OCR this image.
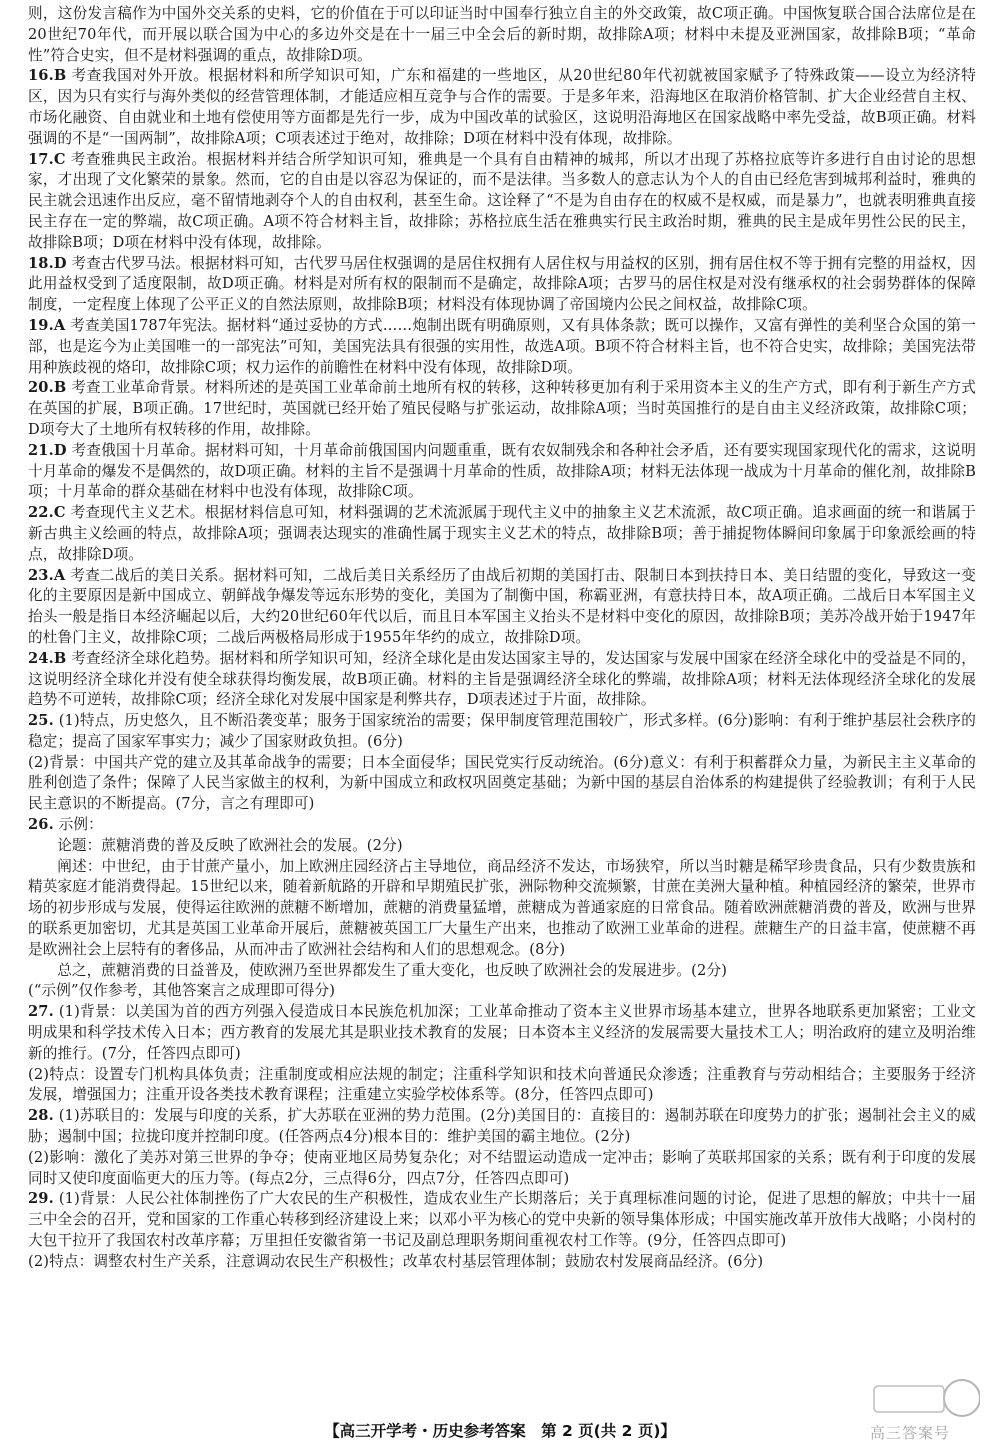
则，这份发言稿作为中国外交关系的史料，它的价值在于可以印证当时中国奉行独立自主的外交政策，故C项正确。中国恢复联合国合法席位是在20世纪70年代，而开展以联合国为中心的多边外交是在十一届三中全会后的新时期，故排除A项；材料中未提及亚洲国家，故排除B项；“革命性”符合史实，但不是材料强调的重点，故排除D项。

16.B 考查我国对外开放。根据材料和所学知识可知，广东和福建的一些地区，从20世纪80年代初就被国家赋予了特殊政策——设立为经济特区，因为只有实行与海外类似的经营管理体制，才能适应相互竞争与合作的需要。于是多年来，沿海地区在取消价格管制、扩大企业经营自主权、市场化融资、自由就业和土地有偿使用等方面都是先行一步，成为中国改革的试验区，这说明沿海地区在国家战略中率先受益，故B项正确。材料强调的不是“一国两制”，故排除A项；C项表述过于绝对，故排除；D项在材料中没有体现，故排除。

17.C 考查雅典民主政治。根据材料并结合所学知识可知，雅典是一个具有自由精神的城邦，所以才出现了苏格拉底等许多进行自由讨论的思想家，才出现了文化繁荣的景象。然而，它的自由是以容忍为保证的，而不是法律。当多数人的意志认为个人的自由已经危害到城邦利益时，雅典的民主就会迅速作出反应，毫不留情地剥夺个人的自由权利，甚至生命。这诠释了“不是为自由存在的权威不是权威，而是暴力”，也就表明雅典直接民主存在一定的弊端，故C项正确。A项不符合材料主旨，故排除；苏格拉底生活在雅典实行民主政治时期，雅典的民主是成年男性公民的民主，故排除B项；D项在材料中没有体现，故排除。

18.D 考查古代罗马法。根据材料可知，古代罗马居住权强调的是居住权拥有人居住权与用益权的区别，拥有居住权不等于拥有完整的用益权，因此用益权受到了适度限制，故D项正确。材料是对所有权的限制而不是确定，故排除A项；古罗马的居住权是对没有继承权的社会弱势群体的保障制度，一定程度上体现了公平正义的自然法原则，故排除B项；材料没有体现协调了帝国境内公民之间权益，故排除C项。

19.A 考查美国1787年宪法。据材料“通过妥协的方式……炮制出既有明确原则，又有具体条款；既可以操作，又富有弹性的美利坚合众国的第一部，也是迄今为止美国唯一的一部宪法”可知，美国宪法具有很强的实用性，故选A项。B项不符合材料主旨，也不符合史实，故排除；美国宪法带用种族歧视的烙印，故排除C项；权力运作的前瞻性在材料中没有体现，故排除D项。

20.B 考查工业革命背景。材料所述的是英国工业革命前土地所有权的转移，这种转移更加有利于采用资本主义的生产方式，即有利于新生产方式在英国的扩展，B项正确。17世纪时，英国就已经开始了殖民侵略与扩张运动，故排除A项；当时英国推行的是自由主义经济政策，故排除C项；D项夸大了土地所有权转移的作用，故排除。

21.D 考查俄国十月革命。据材料可知，十月革命前俄国国内问题重重，既有农奴制残余和各种社会矛盾，还有要实现国家现代化的需求，这说明十月革命的爆发不是偶然的，故D项正确。材料的主旨不是强调十月革命的性质，故排除A项；材料无法体现一战成为十月革命的催化剂，故排除B项；十月革命的群众基础在材料中也没有体现，故排除C项。

22.C 考查现代主义艺术。根据材料信息可知，材料强调的艺术流派属于现代主义中的抽象主义艺术流派，故C项正确。追求画面的统一和谐属于新古典主义绘画的特点，故排除A项；强调表达现实的准确性属于现实主义艺术的特点，故排除B项；善于捕捉物体瞬间印象属于印象派绘画的特点，故排除D项。

23.A 考查二战后的美日关系。据材料可知，二战后美日关系经历了由战后初期的美国打击、限制日本到扶持日本、美日结盟的变化，导致这一变化的主要原因是新中国成立、朝鲜战争爆发等远东形势的变化，美国为了制衡中国，称霸亚洲，有意扶持日本，故A项正确。二战后日本军国主义抬头一般是指日本经济崛起以后，大约20世纪60年代以后，而且日本军国主义抬头不是材料中变化的原因，故排除B项；美苏冷战开始于1947年的杜鲁门主义，故排除C项；二战后两极格局形成于1955年华约的成立，故排除D项。

24.B 考查经济全球化趋势。据材料和所学知识可知，经济全球化是由发达国家主导的，发达国家与发展中国家在经济全球化中的受益是不同的，这说明经济全球化并没有使全球获得均衡发展，故B项正确。材料的主旨是强调经济全球化的弊端，故排除A项；材料无法体现经济全球化的发展趋势不可逆转，故排除C项；经济全球化对发展中国家是利弊共存，D项表述过于片面，故排除。

25. (1)特点，历史悠久，且不断沿袭变革；服务于国家统治的需要；保甲制度管理范围较广，形式多样。(6分)影响：有利于维护基层社会秩序的稳定；提高了国家军事实力；减少了国家财政负担。(6分)

(2)背景：中国共产党的建立及其革命战争的需要；日本全面侵华；国民党实行反动统治。(6分)意义：有利于积蓄群众力量，为新民主主义革命的胜利创造了条件；保障了人民当家做主的权利，为新中国成立和政权巩固奠定基础；为新中国的基层自治体系的构建提供了经验教训；有利于人民民主意识的不断提高。(7分，言之有理即可)

26. 示例：

论题：蔗糖消费的普及反映了欧洲社会的发展。(2分)

阐述：中世纪，由于甘蔗产量小，加上欧洲庄园经济占主导地位，商品经济不发达，市场狭窄，所以当时糖是稀罕珍贵食品，只有少数贵族和精英家庭才能消费得起。15世纪以来，随着新航路的开辟和早期殖民扩张，洲际物种交流频繁，甘蔗在美洲大量种植。种植园经济的繁荣，世界市场的初步形成与发展，使得运往欧洲的蔗糖不断增加，蔗糖的消费量猛增，蔗糖成为普通家庭的日常食品。随着欧洲蔗糖消费的普及，欧洲与世界的联系更加密切，尤其是英国工业革命开展后，蔗糖被英国工厂大量生产出来，也推动了欧洲工业革命的进程。蔗糖生产的日益丰富，使蔗糖不再是欧洲社会上层特有的奢侈品，从而冲击了欧洲社会结构和人们的思想观念。(8分)

总之，蔗糖消费的日益普及，使欧洲乃至世界都发生了重大变化，也反映了欧洲社会的发展进步。(2分)

(“示例”仅作参考，其他答案言之成理即可得分)

27. (1)背景：以美国为首的西方列强入侵造成日本民族危机加深；工业革命推动了资本主义世界市场基本建立，世界各地联系更加紧密；工业文明成果和科学技术传入日本；西方教育的发展尤其是职业技术教育的发展；日本资本主义经济的发展需要大量技术工人；明治政府的建立及明治维新的推行。(7分，任答四点即可)

(2)特点：设置专门机构具体负责；注重制度或相应法规的制定；注重科学知识和技术向普通民众渗透；注重教育与劳动相结合；主要服务于经济发展，增强国力；注重开设各类技术教育课程；注重建立实验学校体系等。(8分，任答四点即可)

28. (1)苏联目的：发展与印度的关系，扩大苏联在亚洲的势力范围。(2分)美国目的：直接目的：遏制苏联在印度势力的扩张；遏制社会主义的威胁；遏制中国；拉拢印度并控制印度。(任答两点4分)根本目的：维护美国的霸主地位。(2分)

(2)影响：激化了美苏对第三世界的争夺；使南亚地区局势复杂化；对不结盟运动造成一定冲击；影响了英联邦国家的关系；既有利于印度的发展同时又使印度面临更大的压力等。(每点2分，三点得6分，四点7分，任答四点即可)

29. (1)背景：人民公社体制挫伤了广大农民的生产积极性，造成农业生产长期落后；关于真理标准问题的讨论，促进了思想的解放；中共十一届三中全会的召开，党和国家的工作重心转移到经济建设上来；以邓小平为核心的党中央新的领导集体形成；中国实施改革开放伟大战略；小岗村的大包干拉开了我国农村改革序幕；万里担任安徽省第一书记及副总理职务期间重视农村工作等。(9分，任答四点即可)

(2)特点：调整农村生产关系，注意调动农民生产积极性；改革农村基层管理体制；鼓励农村发展商品经济。(6分)

【高三开学考・历史参考答案　第 2 页(共 2 页)】	高三答案号
